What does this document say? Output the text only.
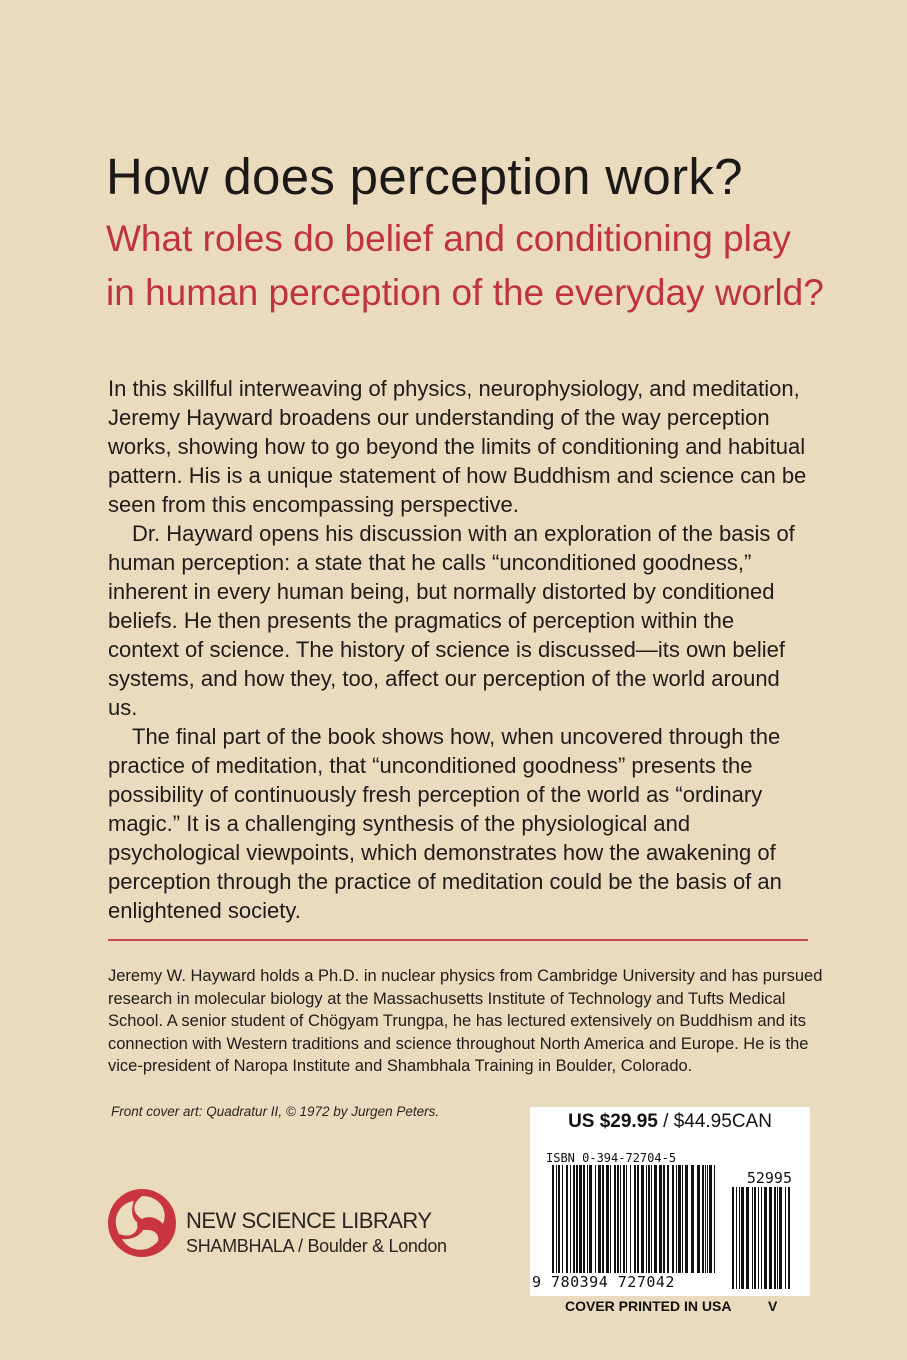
How does perception work?
What roles do belief and conditioning play in human perception of the everyday world?

In this skillful interweaving of physics, neurophysiology, and meditation, Jeremy Hayward broadens our understanding of the way perception works, showing how to go beyond the limits of conditioning and habitual pattern. His is a unique statement of how Buddhism and science can be seen from this encompassing perspective.

Dr. Hayward opens his discussion with an exploration of the basis of human perception: a state that he calls “unconditioned goodness,” inherent in every human being, but normally distorted by conditioned beliefs. He then presents the pragmatics of perception within the context of science. The history of science is discussed—its own belief systems, and how they, too, affect our perception of the world around us.

The final part of the book shows how, when uncovered through the practice of meditation, that “unconditioned goodness” presents the possibility of continuously fresh perception of the world as “ordinary magic.” It is a challenging synthesis of the physiological and psychological viewpoints, which demonstrates how the awakening of perception through the practice of meditation could be the basis of an enlightened society.

Jeremy W. Hayward holds a Ph.D. in nuclear physics from Cambridge University and has pursued research in molecular biology at the Massachusetts Institute of Technology and Tufts Medical School. A senior student of Chögyam Trungpa, he has lectured extensively on Buddhism and its connection with Western traditions and science throughout North America and Europe. He is the vice-president of Naropa Institute and Shambhala Training in Boulder, Colorado.
Front cover art: Quadratur II, © 1972 by Jurgen Peters.
NEW SCIENCE LIBRARY
SHAMBHALA / Boulder & London
US $29.95 / $44.95CAN
ISBN 0-394-72704-5
52995
9 780394 727042
COVER PRINTED IN USA	V
